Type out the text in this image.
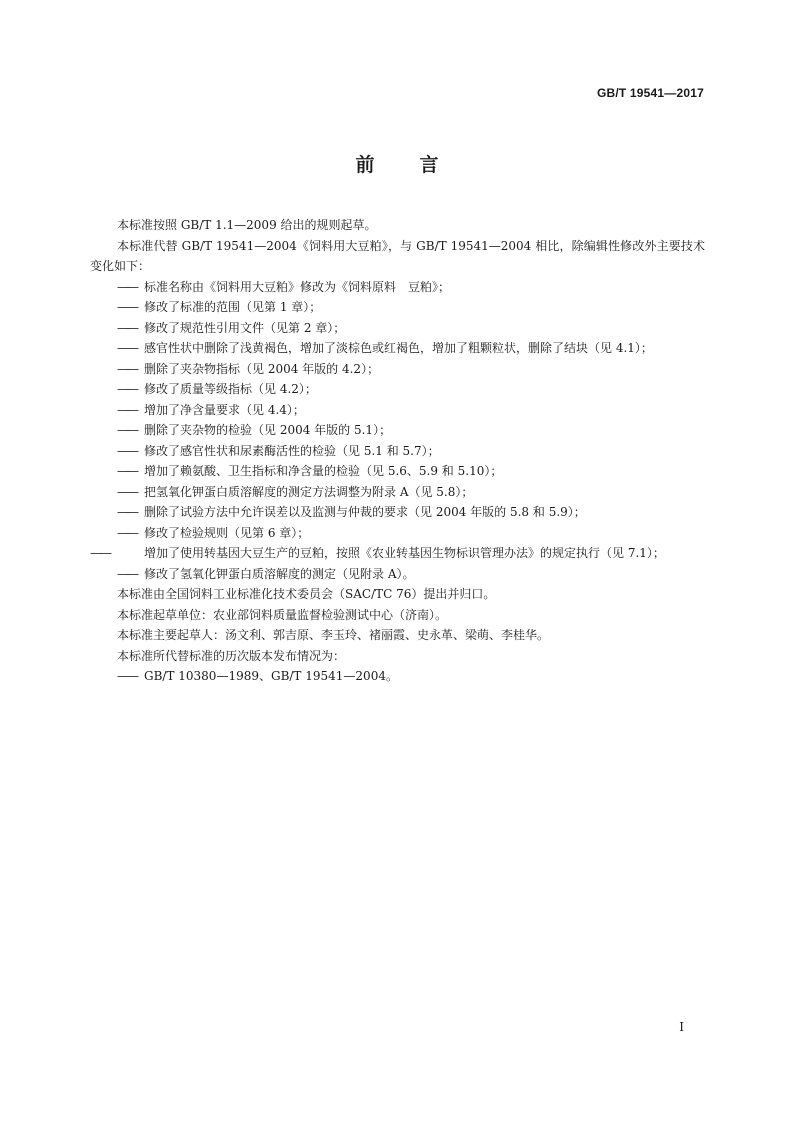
GB/T 19541—2017
前言

本标准按照 GB/T 1.1—2009 给出的规则起草。

本标准代替 GB/T 19541—2004《饲料用大豆粕》，与 GB/T 19541—2004 相比，除编辑性修改外主要技术变化如下：

—— 标准名称由《饲料用大豆粕》修改为《饲料原料　豆粕》；

—— 修改了标准的范围（见第 1 章）；

—— 修改了规范性引用文件（见第 2 章）；

—— 感官性状中删除了浅黄褐色，增加了淡棕色或红褐色，增加了粗颗粒状，删除了结块（见 4.1）；

—— 删除了夹杂物指标（见 2004 年版的 4.2）；

—— 修改了质量等级指标（见 4.2）；

—— 增加了净含量要求（见 4.4）；

—— 删除了夹杂物的检验（见 2004 年版的 5.1）；

—— 修改了感官性状和尿素酶活性的检验（见 5.1 和 5.7）；

—— 增加了赖氨酸、卫生指标和净含量的检验（见 5.6、5.9 和 5.10）；

—— 把氢氧化钾蛋白质溶解度的测定方法调整为附录 A（见 5.8）；

—— 删除了试验方法中允许误差以及监测与仲裁的要求（见 2004 年版的 5.8 和 5.9）；

—— 修改了检验规则（见第 6 章）；

——	增加了使用转基因大豆生产的豆粕，按照《农业转基因生物标识管理办法》的规定执行（见 7.1）；

—— 修改了氢氧化钾蛋白质溶解度的测定（见附录 A）。

本标准由全国饲料工业标准化技术委员会（SAC/TC 76）提出并归口。

本标准起草单位：农业部饲料质量监督检验测试中心（济南）。

本标准主要起草人：汤文利、郭吉原、李玉玲、褚丽霞、史永革、梁萌、李桂华。

本标准所代替标准的历次版本发布情况为：

—— GB/T 10380—1989、GB/T 19541—2004。

I
